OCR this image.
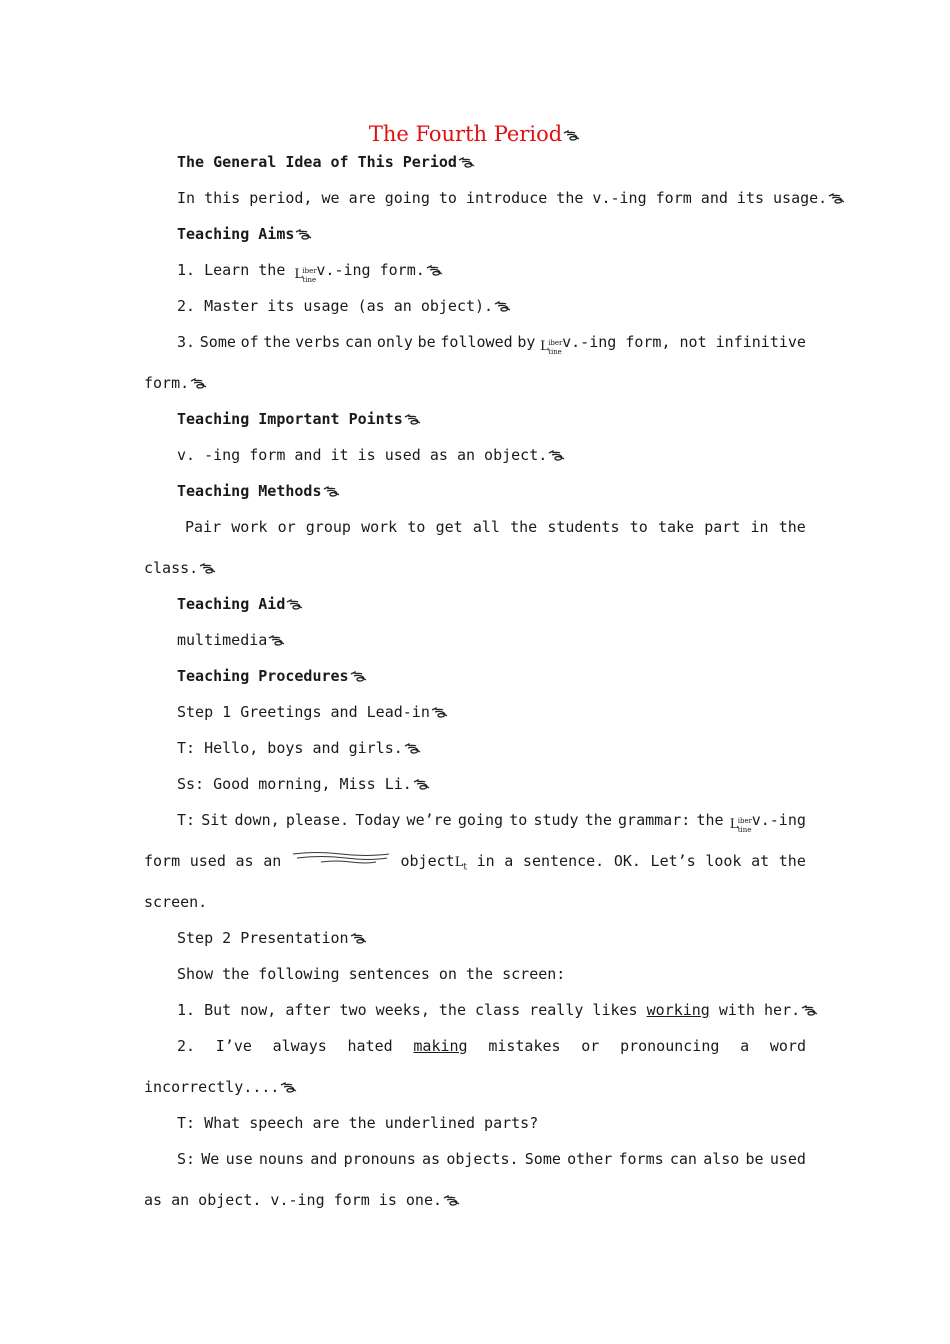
The Fourth Period
The General Idea of This Period
In this period, we are going to introduce the v.-ing form and its usage.
Teaching Aims
1. Learn the L iber
tine
v.-ing form.
2. Master its usage (as an object).
3. Some of the verbs can only be followed by L iber
tine
v.-ing form, not infinitive
form.
Teaching Important Points
v. -ing form and it is used as an object.
Teaching Methods
Pair work or group work to get all the students to take part in the
class.
Teaching Aid
multimedia
Teaching Procedures
Step 1 Greetings and Lead-in
T: Hello, boys and girls.
Ss: Good morning, Miss Li.
T: Sit down, please. Today we’re going to study the grammar: the L iber
tine
v.-ing
form used as an	objectL$_t$ in a sentence. OK. Let’s look at the
screen.
Step 2 Presentation
Show the following sentences on the screen:
1. But now, after two weeks, the class really likes working with her.
2. I’ve always hated making mistakes or pronouncing a word
incorrectly....
T: What speech are the underlined parts?
S: We use nouns and pronouns as objects. Some other forms can also be used
as an object. v.-ing form is one.
